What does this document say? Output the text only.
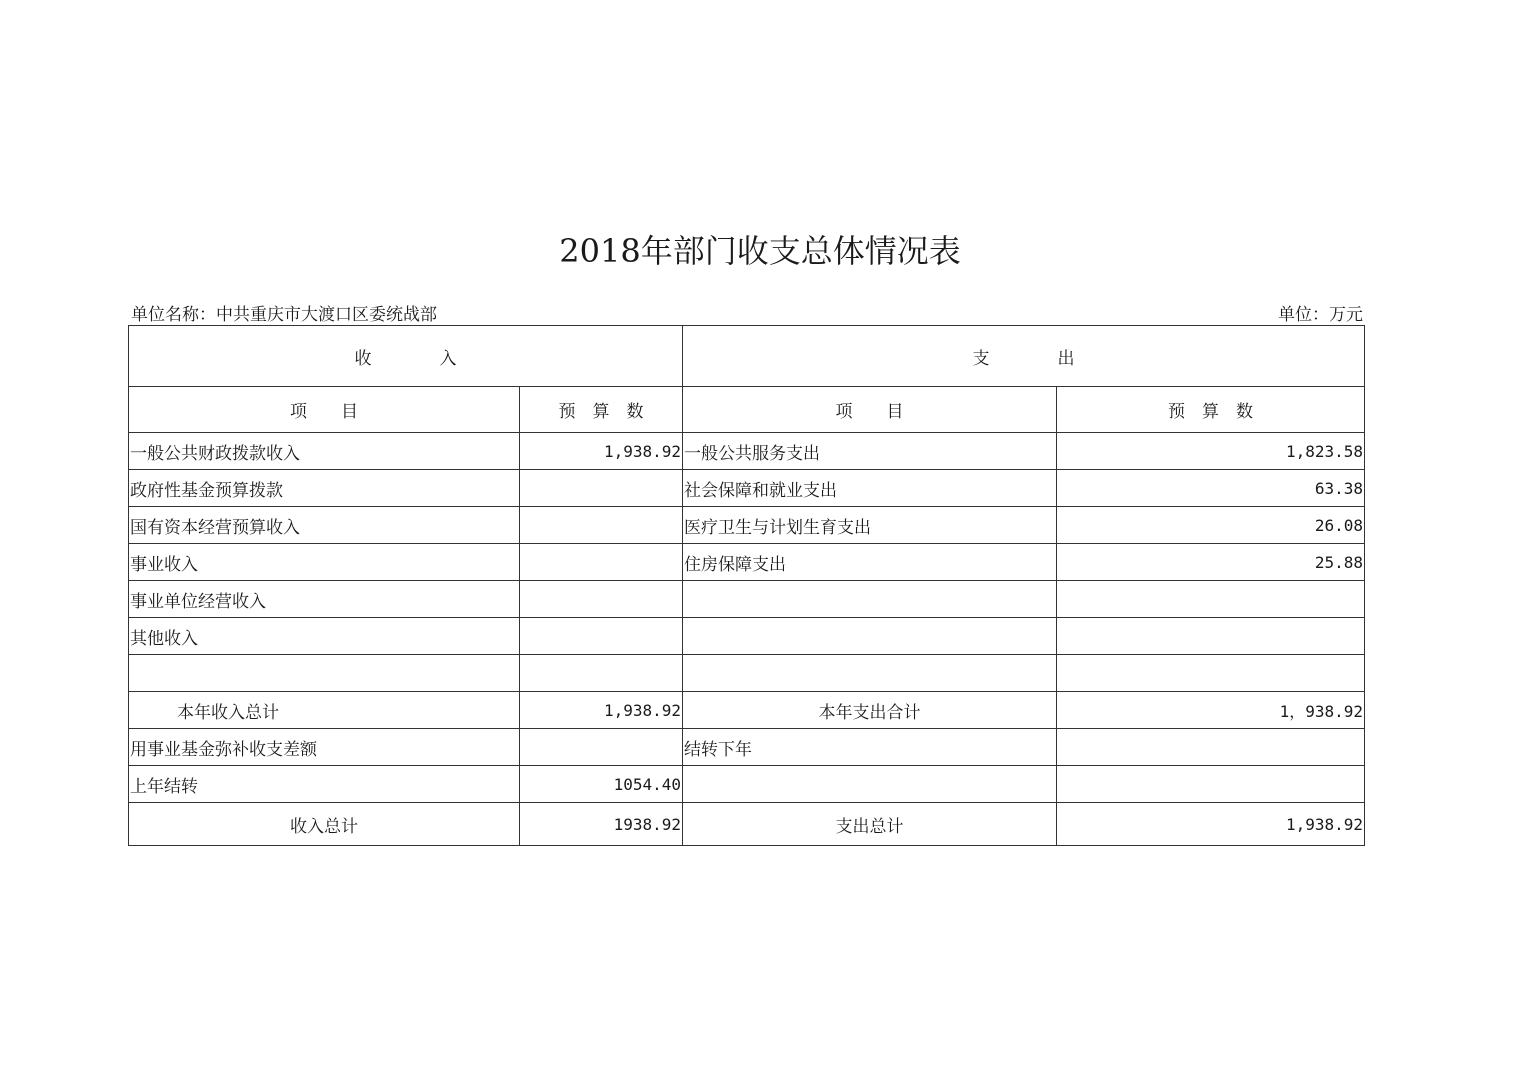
2018年部门收支总体情况表
单位名称：中共重庆市大渡口区委统战部	单位：万元
收　　　　入		支　　　　出	
项　　目	预　算　数	项　　目	预　算　数
一般公共财政拨款收入	1,938.92	一般公共服务支出	1,823.58
政府性基金预算拨款		社会保障和就业支出	63.38
国有资本经营预算收入		医疗卫生与计划生育支出	26.08
事业收入		住房保障支出	25.88
事业单位经营收入			
其他收入			

本年收入总计	1,938.92	本年支出合计	1，938.92
用事业基金弥补收支差额		结转下年	
上年结转	1054.40		
收入总计	1938.92	支出总计	1,938.92
